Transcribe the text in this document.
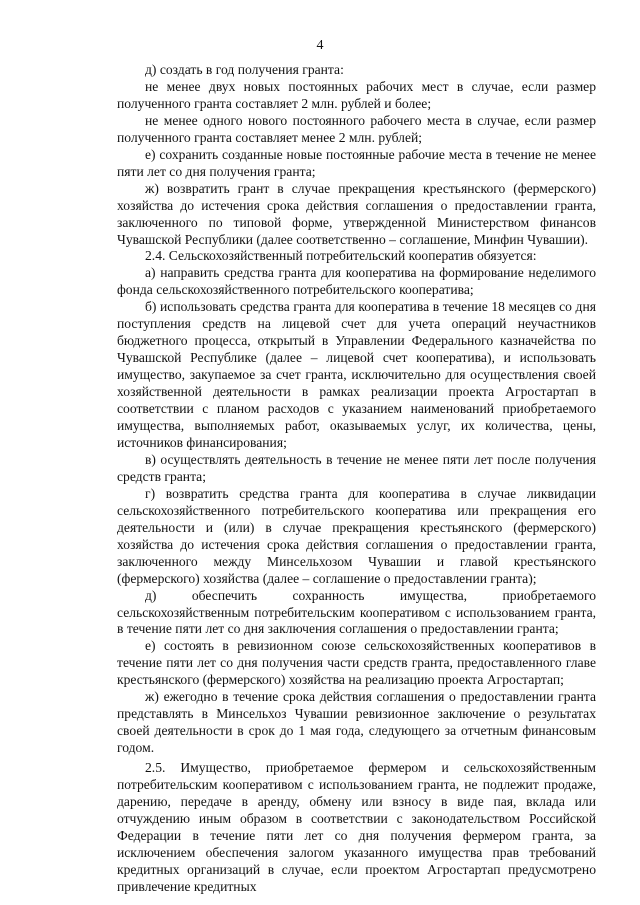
4

д) создать в год получения гранта:

не менее двух новых постоянных рабочих мест в случае, если размер полученного гранта составляет 2 млн. рублей и более;

не менее одного нового постоянного рабочего места в случае, если размер полученного гранта составляет менее 2 млн. рублей;

е) сохранить созданные новые постоянные рабочие места в течение не менее пяти лет со дня получения гранта;

ж) возвратить грант в случае прекращения крестьянского (фермерского) хозяйства до истечения срока действия соглашения о предоставлении гранта, заключенного по типовой форме, утвержденной Министерством финансов Чувашской Республики (далее соответственно – соглашение, Минфин Чувашии).

2.4. Сельскохозяйственный потребительский кооператив обязуется:

а) направить средства гранта для кооператива на формирование неделимого фонда сельскохозяйственного потребительского кооператива;

б) использовать средства гранта для кооператива в течение 18 месяцев со дня поступления средств на лицевой счет для учета операций неучастников бюджетного процесса, открытый в Управлении Федерального казначейства по Чувашской Республике (далее – лицевой счет кооператива), и использовать имущество, закупаемое за счет гранта, исключительно для осуществления своей хозяйственной деятельности в рамках реализации проекта Агростартап в соответствии с планом расходов с указанием наименований приобретаемого имущества, выполняемых работ, оказываемых услуг, их количества, цены, источников финансирования;

в) осуществлять деятельность в течение не менее пяти лет после получения средств гранта;

г) возвратить средства гранта для кооператива в случае ликвидации сельскохозяйственного потребительского кооператива или прекращения его деятельности и (или) в случае прекращения крестьянского (фермерского) хозяйства до истечения срока действия соглашения о предоставлении гранта, заключенного между Минсельхозом Чувашии и главой крестьянского (фермерского) хозяйства (далее – соглашение о предоставлении гранта);

д) обеспечить сохранность имущества, приобретаемого сельскохозяйственным потребительским кооперативом с использованием гранта, в течение пяти лет со дня заключения соглашения о предоставлении гранта;

е) состоять в ревизионном союзе сельскохозяйственных кооперативов в течение пяти лет со дня получения части средств гранта, предоставленного главе крестьянского (фермерского) хозяйства на реализацию проекта Агростартап;

ж) ежегодно в течение срока действия соглашения о предоставлении гранта представлять в Минсельхоз Чувашии ревизионное заключение о результатах своей деятельности в срок до 1 мая года, следующего за отчетным финансовым годом.

2.5. Имущество, приобретаемое фермером и сельскохозяйственным потребительским кооперативом с использованием гранта, не подлежит продаже, дарению, передаче в аренду, обмену или взносу в виде пая, вклада или отчуждению иным образом в соответствии с законодательством Российской Федерации в течение пяти лет со дня получения фермером гранта, за исключением обеспечения залогом указанного имущества прав требований кредитных организаций в случае, если проектом Агростартап предусмотрено привлечение кредитных
